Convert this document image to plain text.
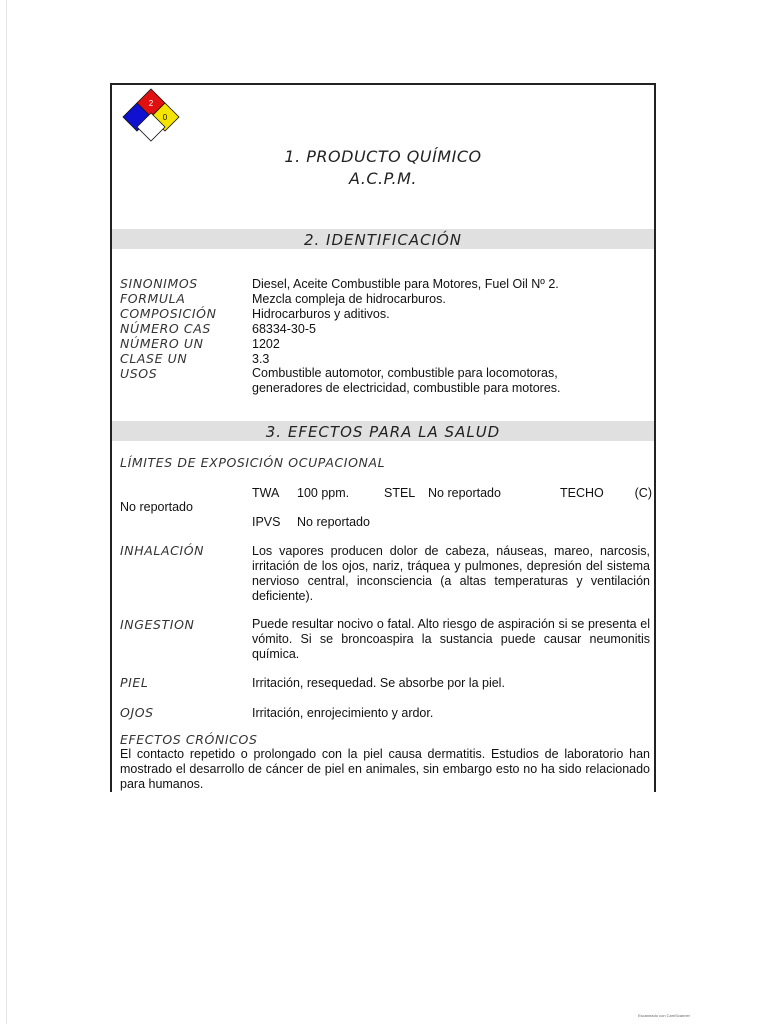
2
0
1. PRODUCTO QUÍMICO
A.C.P.M.
2. IDENTIFICACIÓN
SINONIMOS	Diesel, Aceite Combustible para Motores, Fuel Oil Nº 2.
FORMULA	Mezcla compleja de hidrocarburos.
COMPOSICIÓN	Hidrocarburos y aditivos.
NÚMERO CAS	68334-30-5
NÚMERO UN	1202
CLASE UN	3.3
USOS	Combustible automotor, combustible para locomotoras, generadores de electricidad, combustible para motores.
3. EFECTOS PARA LA SALUD
LÍMITES DE EXPOSICIÓN OCUPACIONAL
TWA	100 ppm.	STEL	No reportado	TECHO	(C)
No reportado
IPVS	No reportado
INHALACIÓN	Los vapores producen dolor de cabeza, náuseas, mareo, narcosis, irritación de los ojos, nariz, tráquea y pulmones, depresión del sistema nervioso central, inconsciencia (a altas temperaturas y ventilación deficiente).
INGESTION	Puede resultar nocivo o fatal. Alto riesgo de aspiración si se presenta el vómito. Si se broncoaspira la sustancia puede causar neumonitis química.
PIEL	Irritación, resequedad. Se absorbe por la piel.
OJOS	Irritación, enrojecimiento y ardor.
EFECTOS CRÓNICOS
El contacto repetido o prolongado con la piel causa dermatitis. Estudios de laboratorio han mostrado el desarrollo de cáncer de piel en animales, sin embargo esto no ha sido relacionado para humanos.
Escaneado con CamScanner
